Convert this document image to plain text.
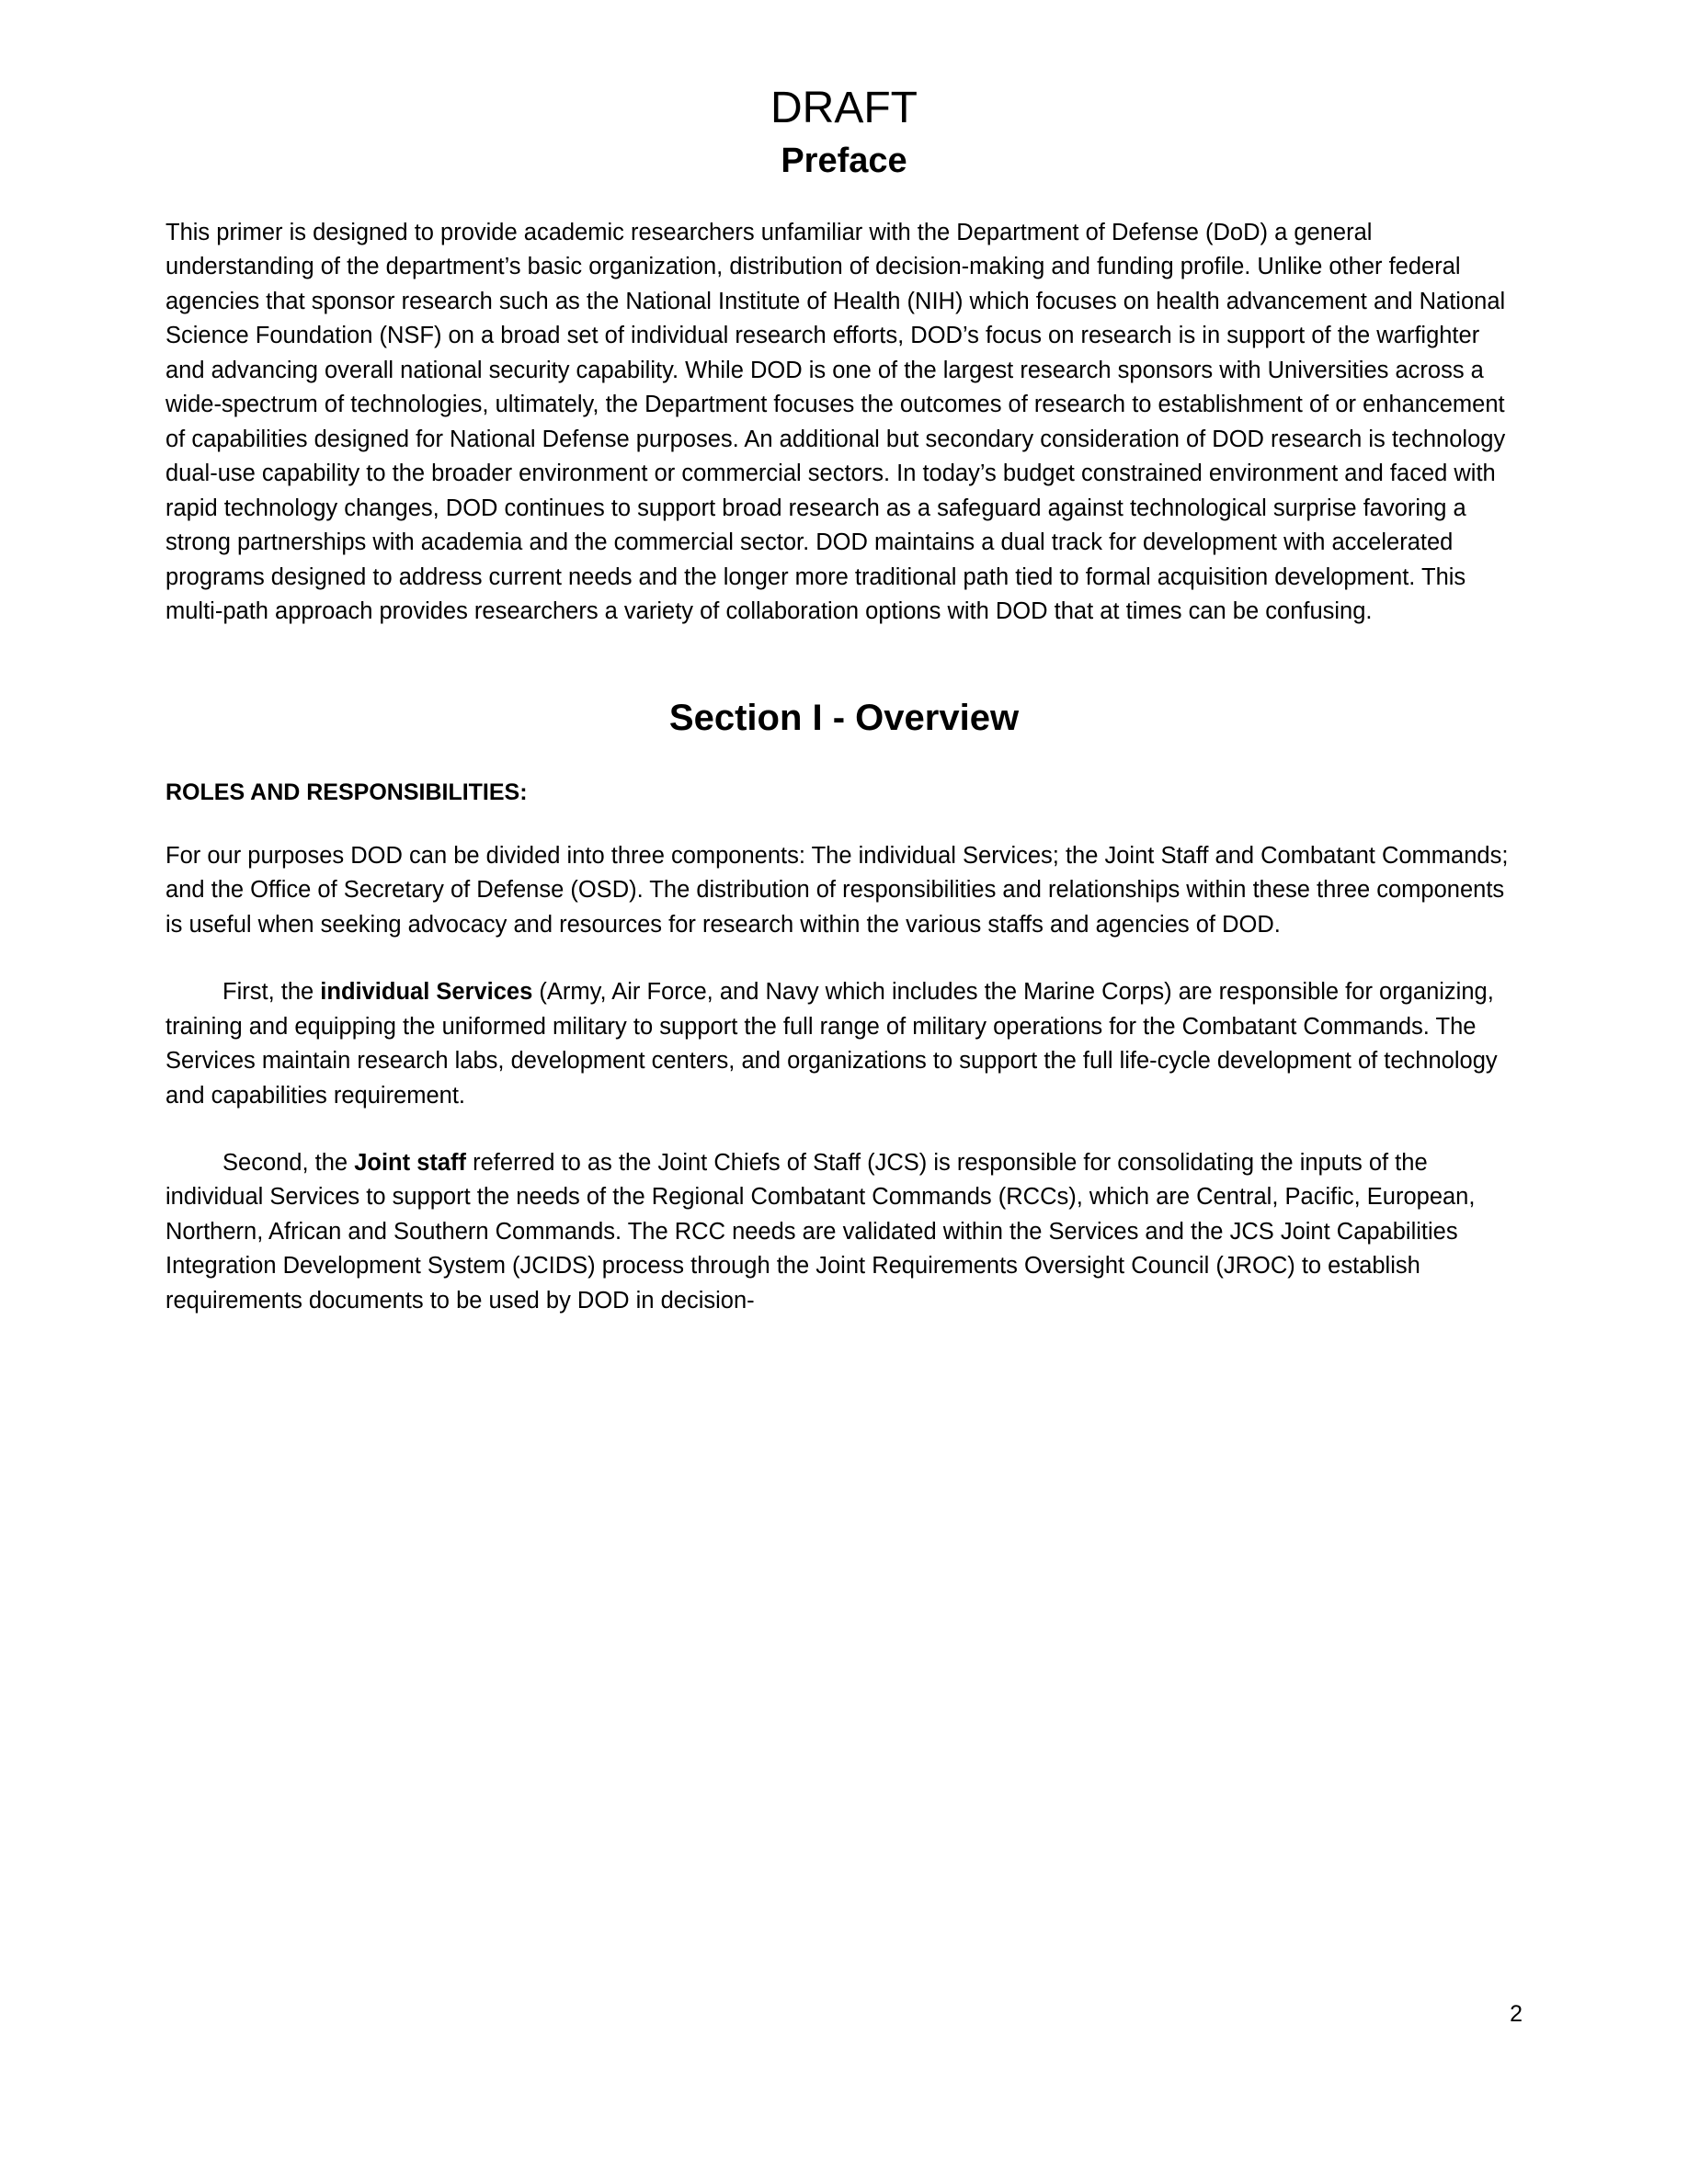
DRAFT
Preface

This primer is designed to provide academic researchers unfamiliar with the Department of Defense (DoD) a general understanding of the department’s basic organization, distribution of decision-making and funding profile. Unlike other federal agencies that sponsor research such as the National Institute of Health (NIH) which focuses on health advancement and National Science Foundation (NSF) on a broad set of individual research efforts, DOD’s focus on research is in support of the warfighter and advancing overall national security capability. While DOD is one of the largest research sponsors with Universities across a wide-spectrum of technologies, ultimately, the Department focuses the outcomes of research to establishment of or enhancement of capabilities designed for National Defense purposes. An additional but secondary consideration of DOD research is technology dual-use capability to the broader environment or commercial sectors. In today’s budget constrained environment and faced with rapid technology changes, DOD continues to support broad research as a safeguard against technological surprise favoring a strong partnerships with academia and the commercial sector. DOD maintains a dual track for development with accelerated programs designed to address current needs and the longer more traditional path tied to formal acquisition development. This multi-path approach provides researchers a variety of collaboration options with DOD that at times can be confusing.

Section I - Overview

ROLES AND RESPONSIBILITIES:

For our purposes DOD can be divided into three components: The individual Services; the Joint Staff and Combatant Commands; and the Office of Secretary of Defense (OSD). The distribution of responsibilities and relationships within these three components is useful when seeking advocacy and resources for research within the various staffs and agencies of DOD.

First, the individual Services (Army, Air Force, and Navy which includes the Marine Corps) are responsible for organizing, training and equipping the uniformed military to support the full range of military operations for the Combatant Commands. The Services maintain research labs, development centers, and organizations to support the full life-cycle development of technology and capabilities requirement.

Second, the Joint staff referred to as the Joint Chiefs of Staff (JCS) is responsible for consolidating the inputs of the individual Services to support the needs of the Regional Combatant Commands (RCCs), which are Central, Pacific, European, Northern, African and Southern Commands. The RCC needs are validated within the Services and the JCS Joint Capabilities Integration Development System (JCIDS) process through the Joint Requirements Oversight Council (JROC) to establish requirements documents to be used by DOD in decision-

2
